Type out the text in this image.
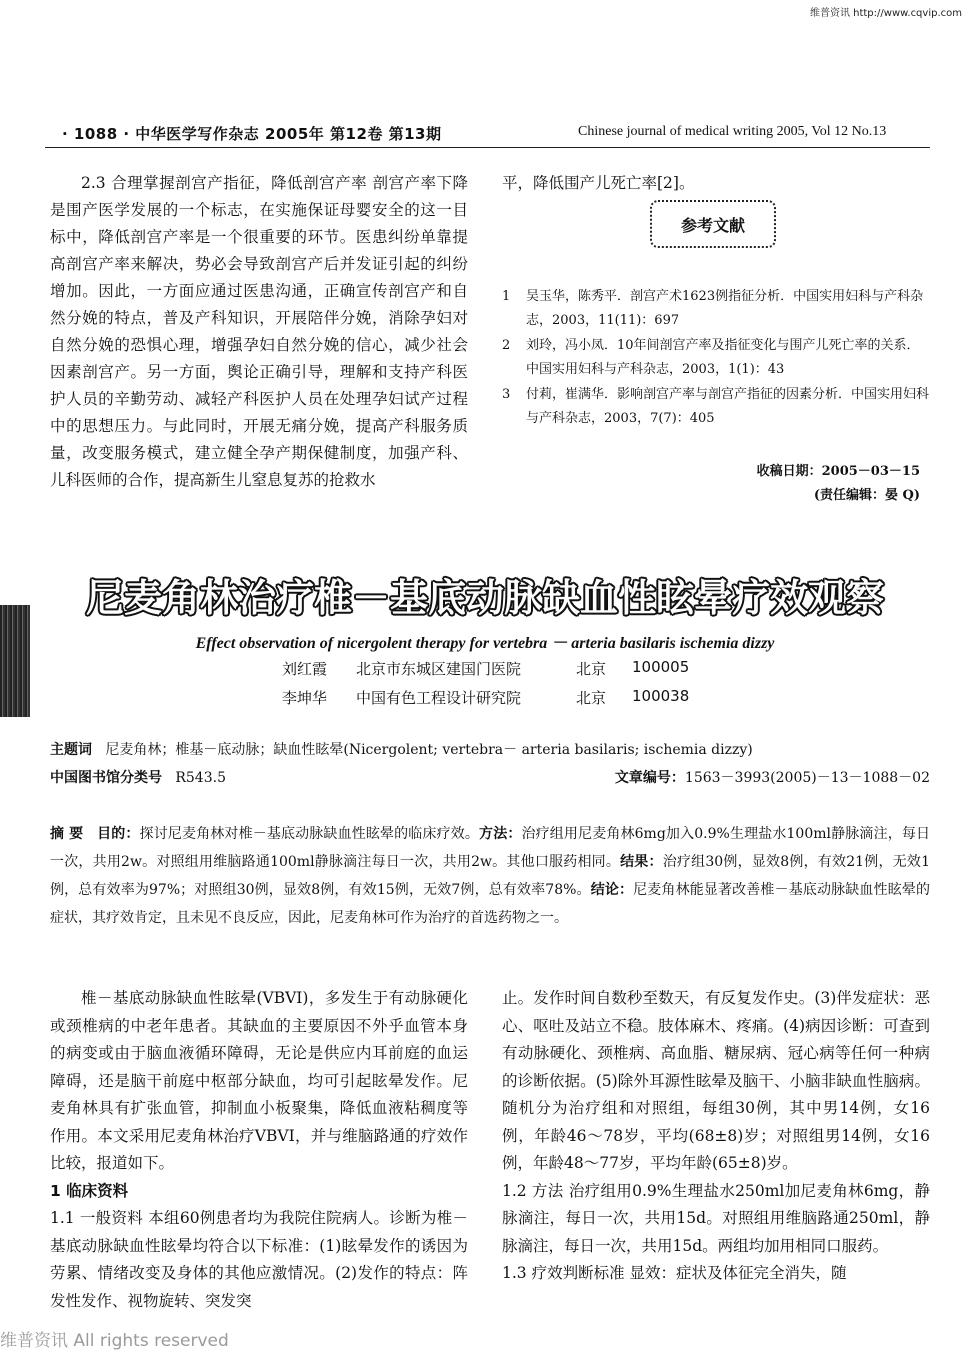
维普资讯 http://www.cqvip.com
· 1088 · 中华医学写作杂志 2005年 第12卷 第13期	Chinese journal of medical writing 2005, Vol 12 No.13

2.3 合理掌握剖宫产指征，降低剖宫产率 剖宫产率下降是围产医学发展的一个标志，在实施保证母婴安全的这一目标中，降低剖宫产率是一个很重要的环节。医患纠纷单靠提高剖宫产率来解决，势必会导致剖宫产后并发证引起的纠纷增加。因此，一方面应通过医患沟通，正确宣传剖宫产和自然分娩的特点，普及产科知识，开展陪伴分娩，消除孕妇对自然分娩的恐惧心理，增强孕妇自然分娩的信心，减少社会因素剖宫产。另一方面，舆论正确引导，理解和支持产科医护人员的辛勤劳动、减轻产科医护人员在处理孕妇试产过程中的思想压力。与此同时，开展无痛分娩，提高产科服务质量，改变服务模式，建立健全孕产期保健制度，加强产科、儿科医师的合作，提高新生儿窒息复苏的抢救水

平，降低围产儿死亡率[2]。

参考文献
1	吴玉华，陈秀平．剖宫产术1623例指征分析．中国实用妇科与产科杂志，2003，11(11)：697
2	刘玲，冯小凤．10年间剖宫产率及指征变化与围产儿死亡率的关系．中国实用妇科与产科杂志，2003，1(1)：43
3	付莉，崔满华．影响剖宫产率与剖宫产指征的因素分析．中国实用妇科与产科杂志，2003，7(7)：405
收稿日期：2005－03－15
(责任编辑：晏 Q)
尼麦角林治疗椎－基底动脉缺血性眩晕疗效观察
Effect observation of nicergolent therapy for vertebra － arteria basilaris ischemia dizzy
刘红霞	北京市东城区建国门医院	北京	100005
李坤华	中国有色工程设计研究院	北京	100038
主题词 尼麦角林；椎基－底动脉；缺血性眩晕(Nicergolent; vertebra－ arteria basilaris; ischemia dizzy)
中国图书馆分类号 R543.5	文章编号：1563－3993(2005)－13－1088－02
摘 要 目的：探讨尼麦角林对椎－基底动脉缺血性眩晕的临床疗效。方法：治疗组用尼麦角林6mg加入0.9%生理盐水100ml静脉滴注，每日一次，共用2w。对照组用维脑路通100ml静脉滴注每日一次，共用2w。其他口服药相同。结果：治疗组30例，显效8例，有效21例，无效1例，总有效率为97%；对照组30例，显效8例，有效15例，无效7例，总有效率78%。结论：尼麦角林能显著改善椎－基底动脉缺血性眩晕的症状，其疗效肯定，且未见不良反应，因此，尼麦角林可作为治疗的首选药物之一。

椎－基底动脉缺血性眩晕(VBVI)，多发生于有动脉硬化或颈椎病的中老年患者。其缺血的主要原因不外乎血管本身的病变或由于脑血液循环障碍，无论是供应内耳前庭的血运障碍，还是脑干前庭中枢部分缺血，均可引起眩晕发作。尼麦角林具有扩张血管，抑制血小板聚集，降低血液粘稠度等作用。本文采用尼麦角林治疗VBVI，并与维脑路通的疗效作比较，报道如下。

1 临床资料

1.1 一般资料 本组60例患者均为我院住院病人。诊断为椎－基底动脉缺血性眩晕均符合以下标准：(1)眩晕发作的诱因为劳累、情绪改变及身体的其他应激情况。(2)发作的特点：阵发性发作、视物旋转、突发突

止。发作时间自数秒至数天，有反复发作史。(3)伴发症状：恶心、呕吐及站立不稳。肢体麻木、疼痛。(4)病因诊断：可查到有动脉硬化、颈椎病、高血脂、糖尿病、冠心病等任何一种病的诊断依据。(5)除外耳源性眩晕及脑干、小脑非缺血性脑病。随机分为治疗组和对照组，每组30例，其中男14例，女16例，年龄46～78岁，平均(68±8)岁；对照组男14例，女16例，年龄48～77岁，平均年龄(65±8)岁。

1.2 方法 治疗组用0.9%生理盐水250ml加尼麦角林6mg，静脉滴注，每日一次，共用15d。对照组用维脑路通250ml，静脉滴注，每日一次，共用15d。两组均加用相同口服药。

1.3 疗效判断标准 显效：症状及体征完全消失，随

维普资讯 All rights reserved
